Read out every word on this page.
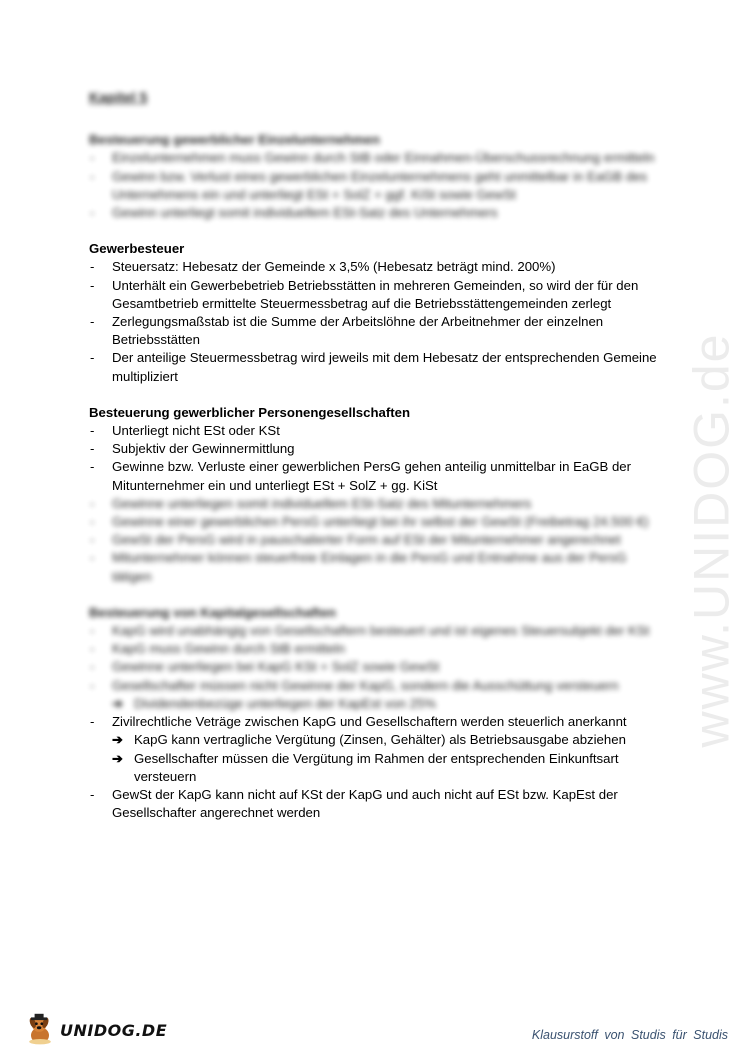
www.UNIDOG.de
Kapitel 5
Besteuerung gewerblicher Einzelunternehmen
- Einzelunternehmen muss Gewinn durch StB oder Einnahmen-Überschussrechnung ermitteln
- Gewinn bzw. Verlust eines gewerblichen Einzelunternehmens geht unmittelbar in EaGB des Unternehmens ein und unterliegt ESt + SolZ + ggf. KiSt sowie GewSt
- Gewinn unterliegt somit individuellem ESt-Satz des Unternehmers
Gewerbesteuer
- Steuersatz: Hebesatz der Gemeinde x 3,5% (Hebesatz beträgt mind. 200%)
- Unterhält ein Gewerbebetrieb Betriebsstätten in mehreren Gemeinden, so wird der für den Gesamtbetrieb ermittelte Steuermessbetrag auf die Betriebsstättengemeinden zerlegt
- Zerlegungsmaßstab ist die Summe der Arbeitslöhne der Arbeitnehmer der einzelnen Betriebsstätten
- Der anteilige Steuermessbetrag wird jeweils mit dem Hebesatz der entsprechenden Gemeine multipliziert
Besteuerung gewerblicher Personengesellschaften
- Unterliegt nicht ESt oder KSt
- Subjektiv der Gewinnermittlung
- Gewinne bzw. Verluste einer gewerblichen PersG gehen anteilig unmittelbar in EaGB der Mitunternehmer ein und unterliegt ESt + SolZ + gg. KiSt
- Gewinne unterliegen somit individuellem ESt-Satz des Mitunternehmers
- Gewinne einer gewerblichen PersG unterliegt bei ihr selbst der GewSt (Freibetrag 24.500 €)
- GewSt der PersG wird in pauschalierter Form auf ESt der Mitunternehmer angerechnet
- Mitunternehmer können steuerfreie Einlagen in die PersG und Entnahme aus der PersG tätigen
Besteuerung von Kapitalgesellschaften
- KapG wird unabhängig von Gesellschaftern besteuert und ist eigenes Steuersubjekt der KSt
- KapG muss Gewinn durch StB ermitteln
- Gewinne unterliegen bei KapG KSt + SolZ sowie GewSt
- Gesellschafter müssen nicht Gewinne der KapG, sondern die Ausschüttung versteuern
➔ Dividendenbezüge unterliegen der KapEst von 25%
- Zivilrechtliche Veträge zwischen KapG und Gesellschaftern werden steuerlich anerkannt
➔ KapG kann vertragliche Vergütung (Zinsen, Gehälter) als Betriebsausgabe abziehen
➔ Gesellschafter müssen die Vergütung im Rahmen der entsprechenden Einkunftsart versteuern
- GewSt der KapG kann nicht auf KSt der KapG und auch nicht auf ESt bzw. KapEst der Gesellschafter angerechnet werden
UNIDOG.DE	Klausurstoff von Studis für Studis
